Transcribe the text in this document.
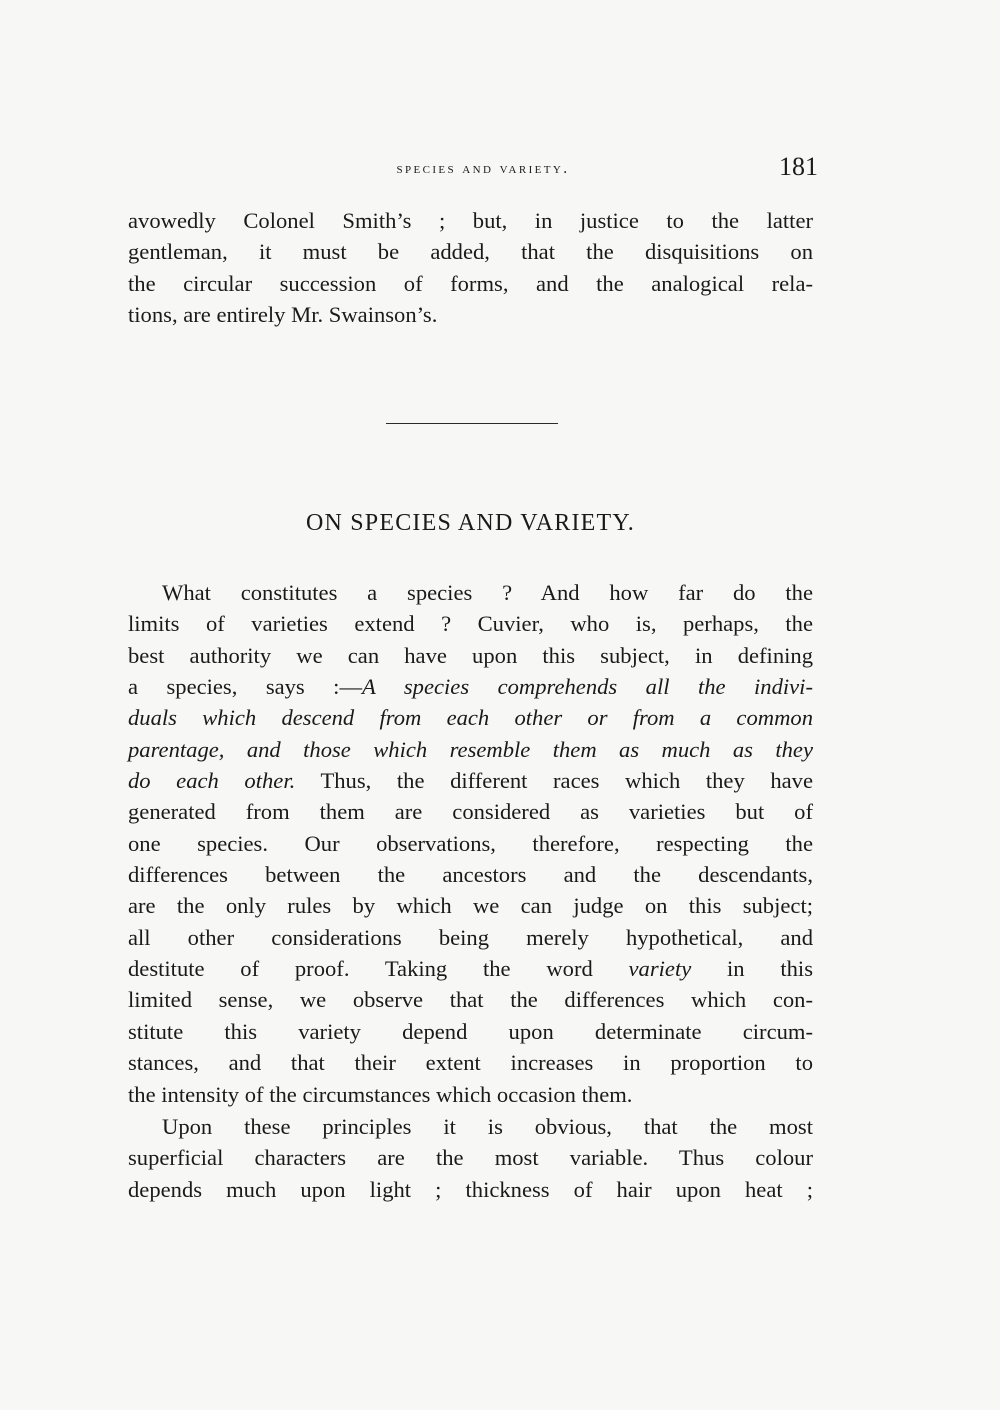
species and variety.	181
avowedly Colonel Smith’s ; but, in justice to the latter
gentleman, it must be added, that the disquisitions on
the circular succession of forms, and the analogical rela-
tions, are entirely Mr. Swainson’s.
ON SPECIES AND VARIETY.
What constitutes a species ? And how far do the
limits of varieties extend ? Cuvier, who is, perhaps, the
best authority we can have upon this subject, in defining
a species, says :—A species comprehends all the indivi-
duals which descend from each other or from a common
parentage, and those which resemble them as much as they
do each other. Thus, the different races which they have
generated from them are considered as varieties but of
one species. Our observations, therefore, respecting the
differences between the ancestors and the descendants,
are the only rules by which we can judge on this subject;
all other considerations being merely hypothetical, and
destitute of proof. Taking the word variety in this
limited sense, we observe that the differences which con-
stitute this variety depend upon determinate circum-
stances, and that their extent increases in proportion to
the intensity of the circumstances which occasion them.
Upon these principles it is obvious, that the most
superficial characters are the most variable. Thus colour
depends much upon light ; thickness of hair upon heat ;
